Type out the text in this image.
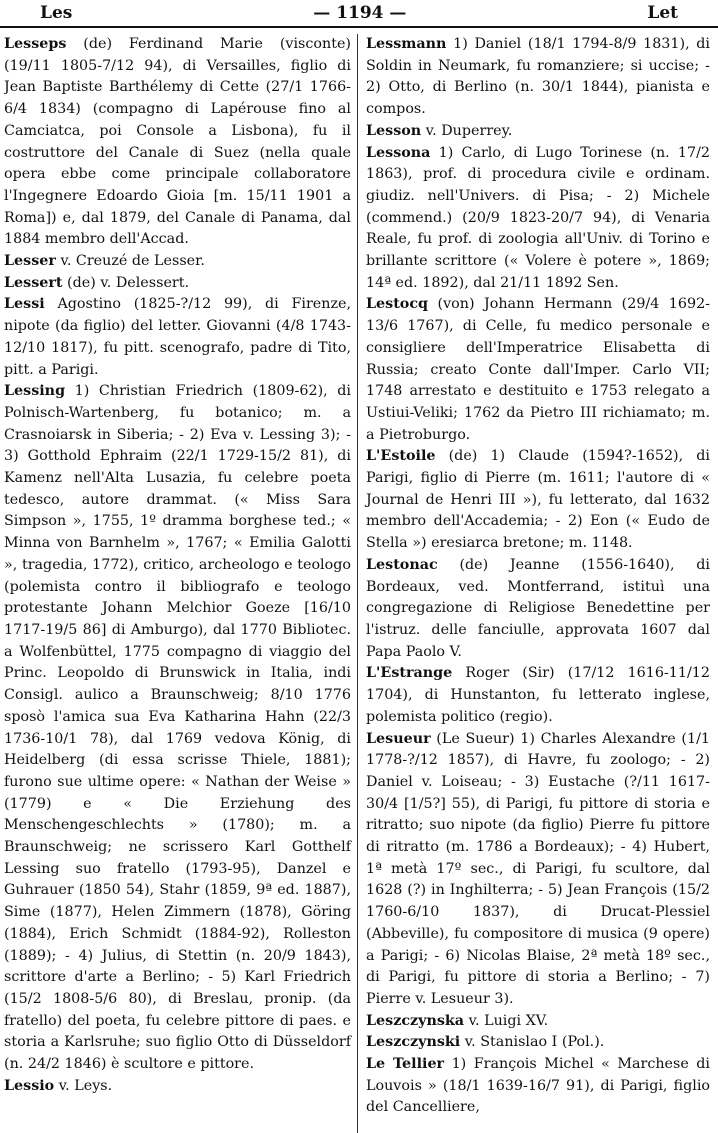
Les	— 1194 —	Let

Lesseps (de) Ferdinand Marie (visconte) (19/11 1805-7/12 94), di Versailles, figlio di Jean Baptiste Barthélemy di Cette (27/1 1766-6/4 1834) (compagno di Lapérouse fino al Camciatca, poi Console a Lisbona), fu il costruttore del Canale di Suez (nella quale opera ebbe come principale collaboratore l'Ingegnere Edoardo Gioia [m. 15/11 1901 a Roma]) e, dal 1879, del Canale di Panama, dal 1884 membro dell'Accad.

Lesser v. Creuzé de Lesser.

Lessert (de) v. Delessert.

Lessi Agostino (1825-?/12 99), di Firenze, nipote (da figlio) del letter. Giovanni (4/8 1743-12/10 1817), fu pitt. scenografo, padre di Tito, pitt. a Parigi.

Lessing 1) Christian Friedrich (1809-62), di Polnisch-Wartenberg, fu botanico; m. a Crasnoiarsk in Siberia; - 2) Eva v. Lessing 3); - 3) Gotthold Ephraim (22/1 1729-15/2 81), di Kamenz nell'Alta Lusazia, fu celebre poeta tedesco, autore drammat. (« Miss Sara Simpson », 1755, 1º dramma borghese ted.; « Minna von Barnhelm », 1767; « Emilia Galotti », tragedia, 1772), critico, archeologo e teologo (polemista contro il bibliografo e teologo protestante Johann Melchior Goeze [16/10 1717-19/5 86] di Amburgo), dal 1770 Bibliotec. a Wolfenbüttel, 1775 compagno di viaggio del Princ. Leopoldo di Brunswick in Italia, indi Consigl. aulico a Braunschweig; 8/10 1776 sposò l'amica sua Eva Katharina Hahn (22/3 1736-10/1 78), dal 1769 vedova König, di Heidelberg (di essa scrisse Thiele, 1881); furono sue ultime opere: « Nathan der Weise » (1779) e « Die Erziehung des Menschengeschlechts » (1780); m. a Braunschweig; ne scrissero Karl Gotthelf Lessing suo fratello (1793-95), Danzel e Guhrauer (1850 54), Stahr (1859, 9ª ed. 1887), Sime (1877), Helen Zimmern (1878), Göring (1884), Erich Schmidt (1884-92), Rolleston (1889); - 4) Julius, di Stettin (n. 20/9 1843), scrittore d'arte a Berlino; - 5) Karl Friedrich (15/2 1808-5/6 80), di Breslau, pronip. (da fratello) del poeta, fu celebre pittore di paes. e storia a Karlsruhe; suo figlio Otto di Düsseldorf (n. 24/2 1846) è scultore e pittore.

Lessio v. Leys.

Lessmann 1) Daniel (18/1 1794-8/9 1831), di Soldin in Neumark, fu romanziere; si uccise; - 2) Otto, di Berlino (n. 30/1 1844), pianista e compos.

Lesson v. Duperrey.

Lessona 1) Carlo, di Lugo Torinese (n. 17/2 1863), prof. di procedura civile e ordinam. giudiz. nell'Univers. di Pisa; - 2) Michele (commend.) (20/9 1823-20/7 94), di Venaria Reale, fu prof. di zoologia all'Univ. di Torino e brillante scrittore (« Volere è potere », 1869; 14ª ed. 1892), dal 21/11 1892 Sen.

Lestocq (von) Johann Hermann (29/4 1692-13/6 1767), di Celle, fu medico personale e consigliere dell'Imperatrice Elisabetta di Russia; creato Conte dall'Imper. Carlo VII; 1748 arrestato e destituito e 1753 relegato a Ustiui-Veliki; 1762 da Pietro III richiamato; m. a Pietroburgo.

L'Estoile (de) 1) Claude (1594?-1652), di Parigi, figlio di Pierre (m. 1611; l'autore di « Journal de Henri III »), fu letterato, dal 1632 membro dell'Accademia; - 2) Eon (« Eudo de Stella ») eresiarca bretone; m. 1148.

Lestonac (de) Jeanne (1556-1640), di Bordeaux, ved. Montferrand, istituì una congregazione di Religiose Benedettine per l'istruz. delle fanciulle, approvata 1607 dal Papa Paolo V.

L'Estrange Roger (Sir) (17/12 1616-11/12 1704), di Hunstanton, fu letterato inglese, polemista politico (regio).

Lesueur (Le Sueur) 1) Charles Alexandre (1/1 1778-?/12 1857), di Havre, fu zoologo; - 2) Daniel v. Loiseau; - 3) Eustache (?/11 1617-30/4 [1/5?] 55), di Parigi, fu pittore di storia e ritratto; suo nipote (da figlio) Pierre fu pittore di ritratto (m. 1786 a Bordeaux); - 4) Hubert, 1ª metà 17º sec., di Parigi, fu scultore, dal 1628 (?) in Inghilterra; - 5) Jean François (15/2 1760-6/10 1837), di Drucat-Plessiel (Abbeville), fu compositore di musica (9 opere) a Parigi; - 6) Nicolas Blaise, 2ª metà 18º sec., di Parigi, fu pittore di storia a Berlino; - 7) Pierre v. Lesueur 3).

Leszczynska v. Luigi XV.

Leszczynski v. Stanislao I (Pol.).

Le Tellier 1) François Michel « Marchese di Louvois » (18/1 1639-16/7 91), di Parigi, figlio del Cancelliere,
